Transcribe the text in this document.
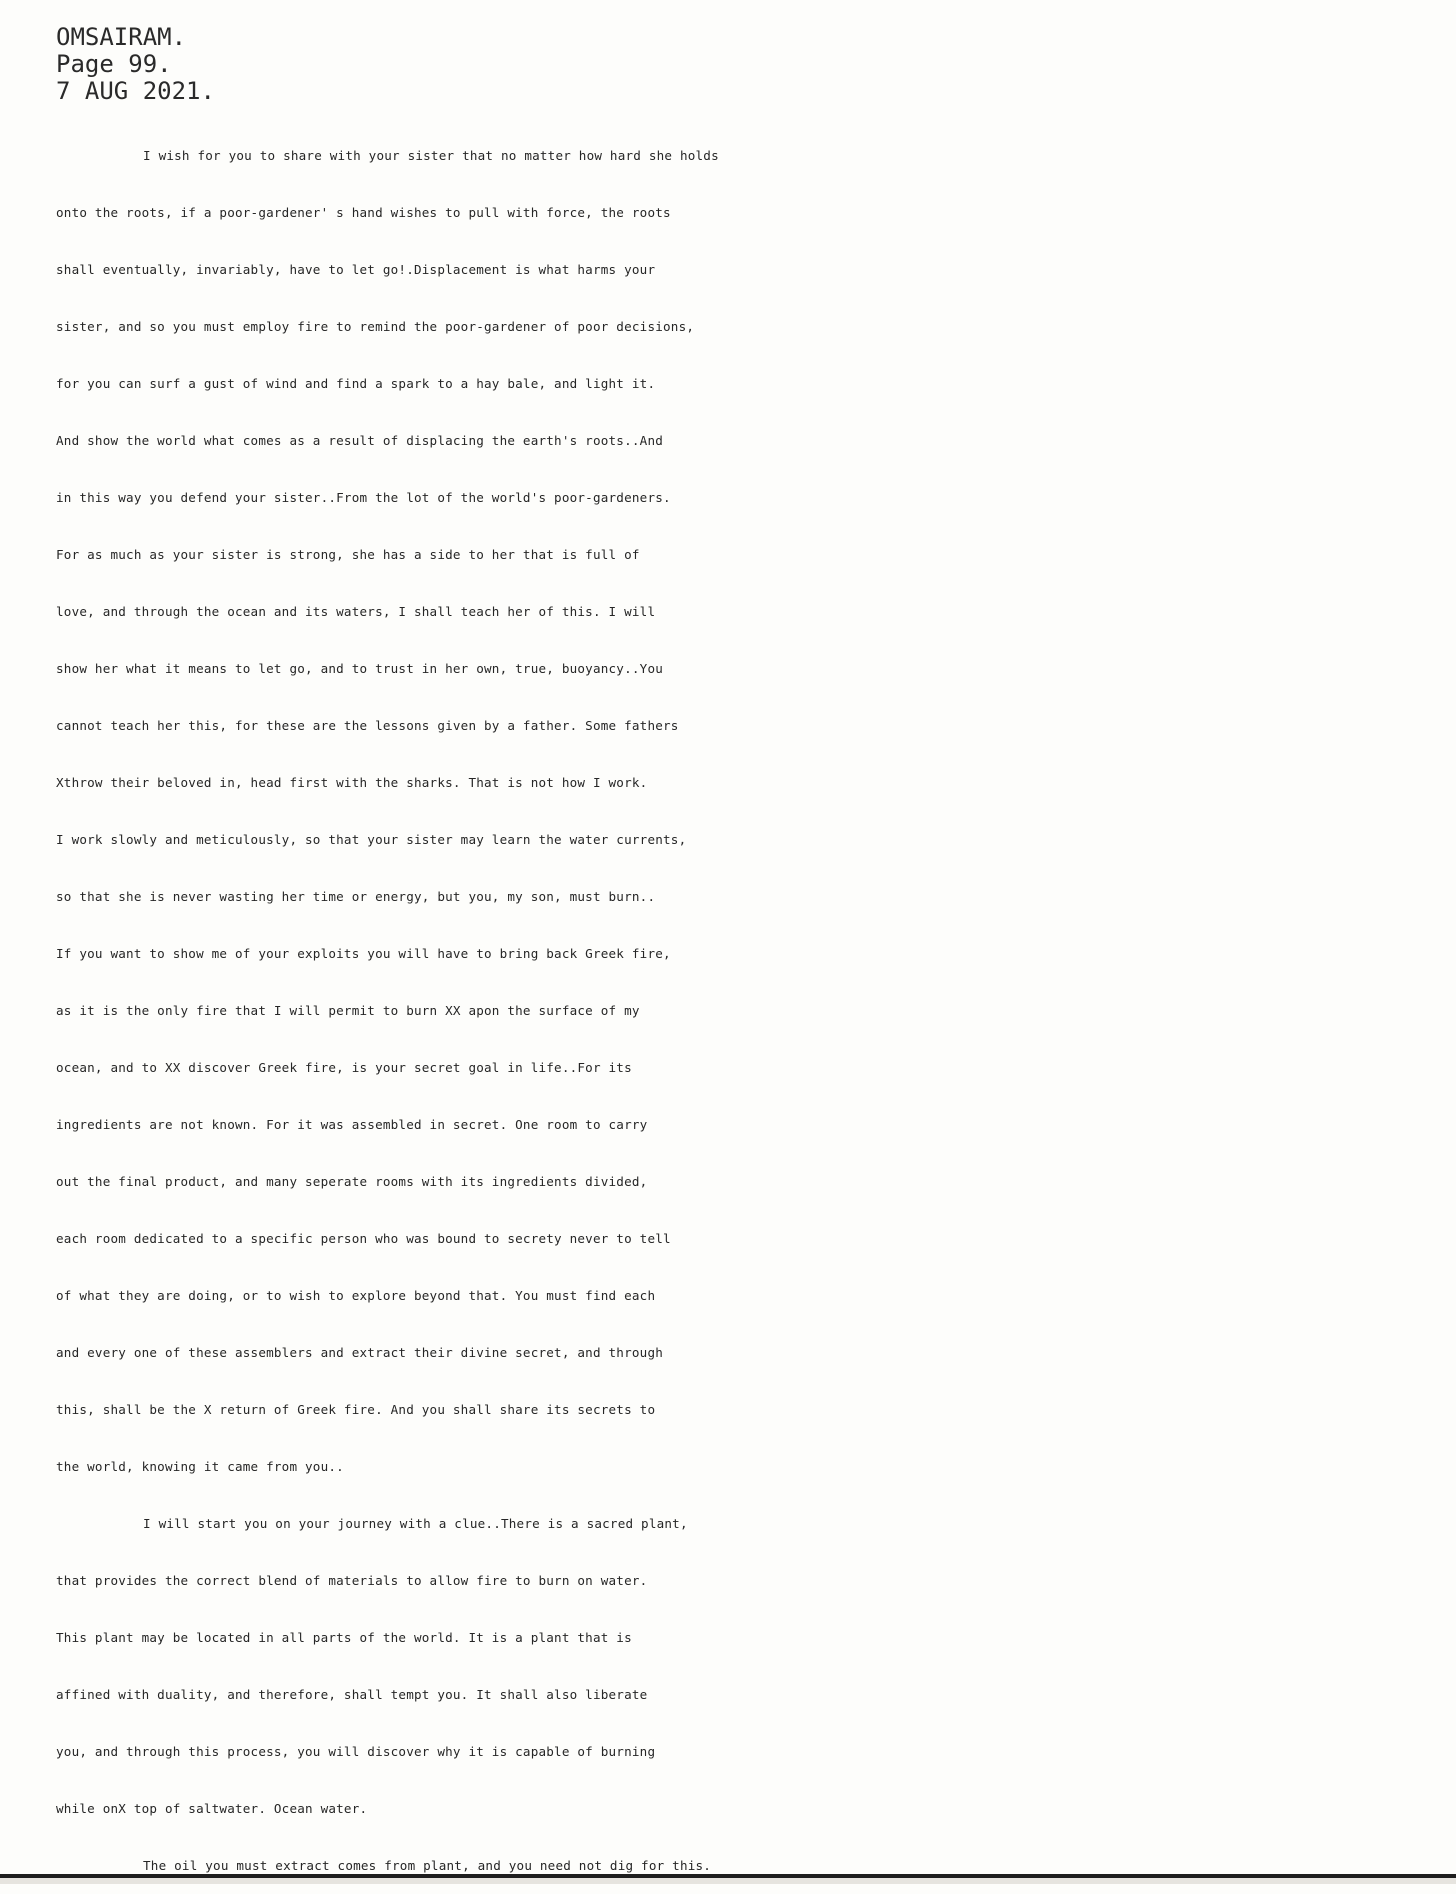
OMSAIRAM.
Page 99.
7 AUG 2021.
I wish for you to share with your sister that no matter how hard she holds
onto the roots, if a poor-gardener' s hand wishes to pull with force, the roots
shall eventually, invariably, have to let go!.Displacement is what harms your
sister, and so you must employ fire to remind the poor-gardener of poor decisions,
for you can surf a gust of wind and find a spark to a hay bale, and light it.
And show the world what comes as a result of displacing the earth's roots..And
in this way you defend your sister..From the lot of the world's poor-gardeners.
For as much as your sister is strong, she has a side to her that is full of
love, and through the ocean and its waters, I shall teach her of this. I will
show her what it means to let go, and to trust in her own, true, buoyancy..You
cannot teach her this, for these are the lessons given by a father. Some fathers
Xthrow their beloved in, head first with the sharks. That is not how I work.
I work slowly and meticulously, so that your sister may learn the water currents,
so that she is never wasting her time or energy, but you, my son, must burn..
If you want to show me of your exploits you will have to bring back Greek fire,
as it is the only fire that I will permit to burn XX apon the surface of my
ocean, and to XX discover Greek fire, is your secret goal in life..For its
ingredients are not known. For it was assembled in secret. One room to carry
out the final product, and many seperate rooms with its ingredients divided,
each room dedicated to a specific person who was bound to secrety never to tell
of what they are doing, or to wish to explore beyond that. You must find each
and every one of these assemblers and extract their divine secret, and through
this, shall be the X return of Greek fire. And you shall share its secrets to
the world, knowing it came from you..
I will start you on your journey with a clue..There is a sacred plant,
that provides the correct blend of materials to allow fire to burn on water.
This plant may be located in all parts of the world. It is a plant that is
affined with duality, and therefore, shall tempt you. It shall also liberate
you, and through this process, you will discover why it is capable of burning
while onX top of saltwater. Ocean water.
The oil you must extract comes from plant, and you need not dig for this.
